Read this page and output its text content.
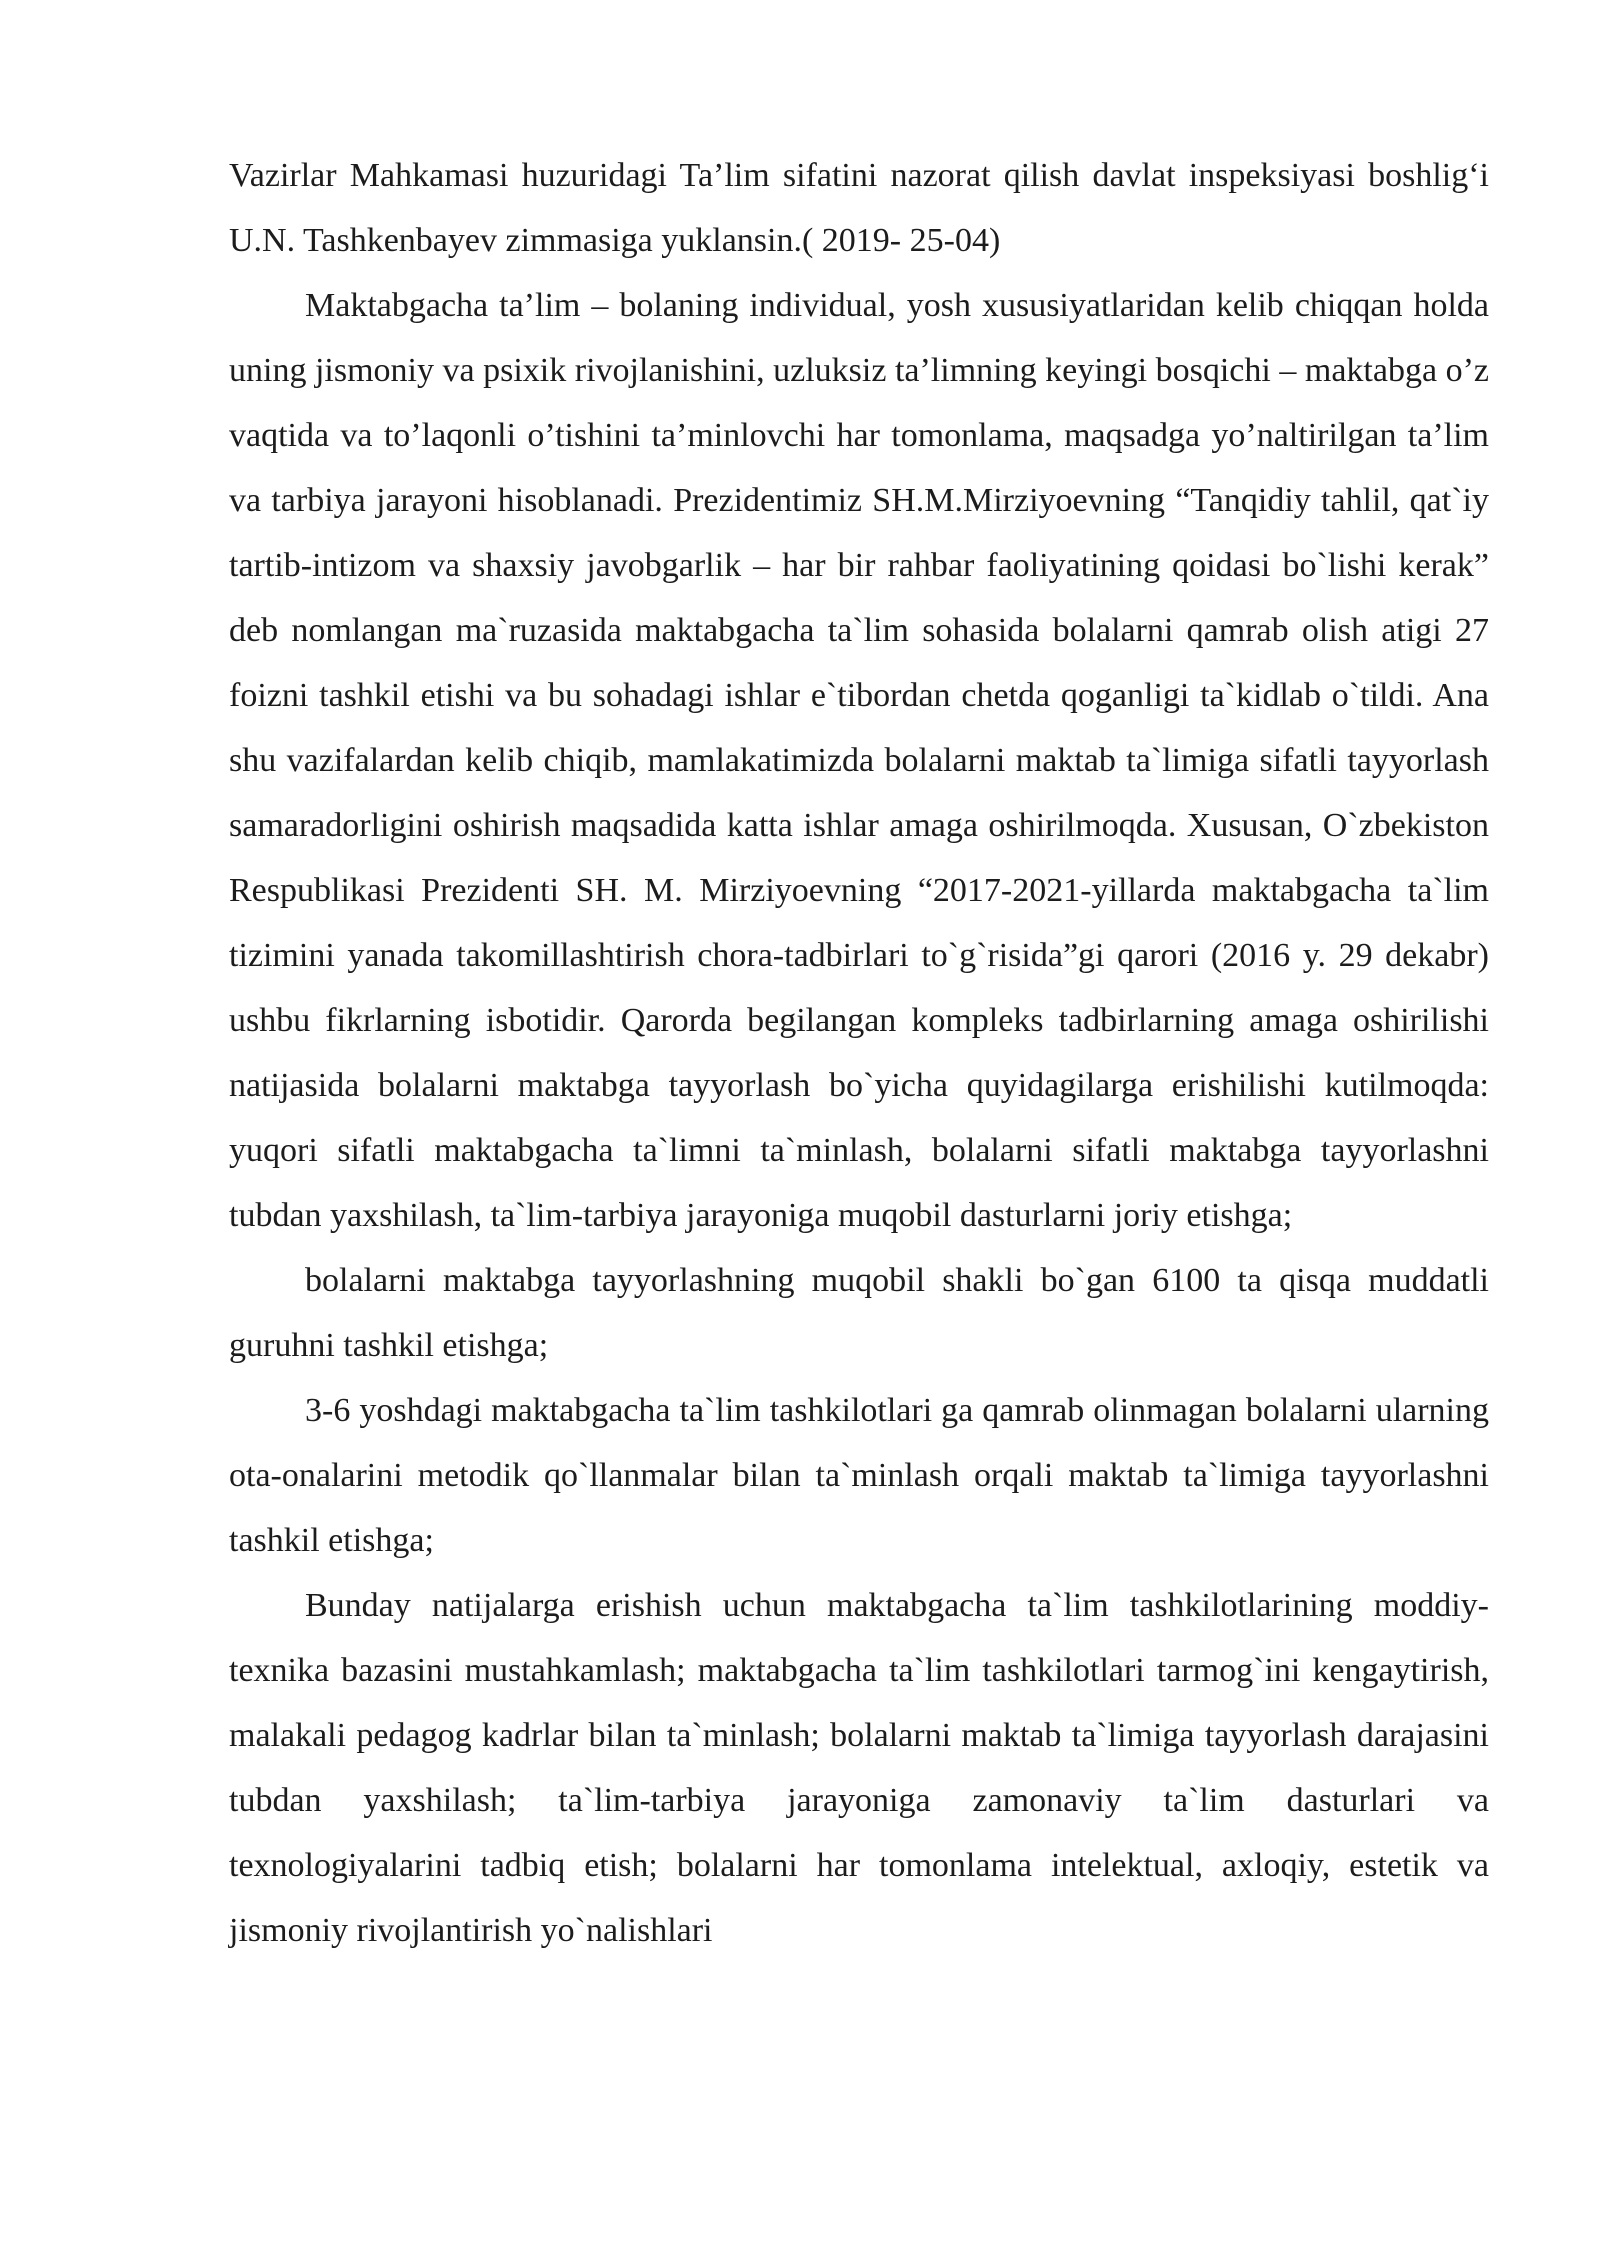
Vazirlar Mahkamasi huzuridagi Ta’lim sifatini nazorat qilish davlat inspeksiyasi boshlig‘i U.N. Tashkenbayev zimmasiga yuklansin.( 2019- 25-04)

Maktabgacha ta’lim – bolaning individual, yosh xususiyatlaridan kelib chiqqan holda uning jismoniy va psixik rivojlanishini, uzluksiz ta’limning keyingi bosqichi – maktabga o’z vaqtida va to’laqonli o’tishini ta’minlovchi har tomonlama, maqsadga yo’naltirilgan ta’lim va tarbiya jarayoni hisoblanadi. Prezidentimiz SH.M.Mirziyoevning “Tanqidiy tahlil, qat`iy tartib-intizom va shaxsiy javobgarlik – har bir rahbar faoliyatining qoidasi bo`lishi kerak” deb nomlangan ma`ruzasida maktabgacha ta`lim sohasida bolalarni qamrab olish atigi 27 foizni tashkil etishi va bu sohadagi ishlar e`tibordan chetda qoganligi ta`kidlab o`tildi. Ana shu vazifalardan kelib chiqib, mamlakatimizda bolalarni maktab ta`limiga sifatli tayyorlash samaradorligini oshirish maqsadida katta ishlar amaga oshirilmoqda. Xususan, O`zbekiston Respublikasi Prezidenti SH. M. Mirziyoevning “2017-2021-yillarda maktabgacha ta`lim tizimini yanada takomillashtirish chora-tadbirlari to`g`risida”gi qarori (2016 y. 29 dekabr) ushbu fikrlarning isbotidir. Qarorda begilangan kompleks tadbirlarning amaga oshirilishi natijasida bolalarni maktabga tayyorlash bo`yicha quyidagilarga erishilishi kutilmoqda: yuqori sifatli maktabgacha ta`limni ta`minlash, bolalarni sifatli maktabga tayyorlashni tubdan yaxshilash, ta`lim-tarbiya jarayoniga muqobil dasturlarni joriy etishga;

bolalarni maktabga tayyorlashning muqobil shakli bo`gan 6100 ta qisqa muddatli guruhni tashkil etishga;

3-6 yoshdagi maktabgacha ta`lim tashkilotlari ga qamrab olinmagan bolalarni ularning ota-onalarini metodik qo`llanmalar bilan ta`minlash orqali maktab ta`limiga tayyorlashni tashkil etishga;

Bunday natijalarga erishish uchun maktabgacha ta`lim tashkilotlarining moddiy-texnika bazasini mustahkamlash; maktabgacha ta`lim tashkilotlari tarmog`ini kengaytirish, malakali pedagog kadrlar bilan ta`minlash; bolalarni maktab ta`limiga tayyorlash darajasini tubdan yaxshilash; ta`lim-tarbiya jarayoniga zamonaviy ta`lim dasturlari va texnologiyalarini tadbiq etish; bolalarni har tomonlama intelektual, axloqiy, estetik va jismoniy rivojlantirish yo`nalishlari
